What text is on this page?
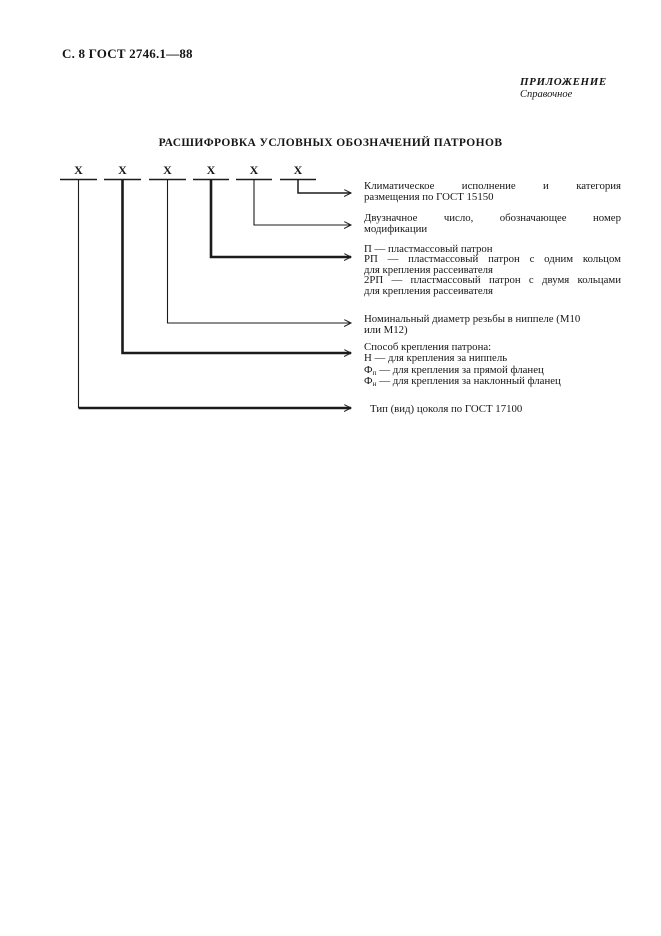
С. 8 ГОСТ 2746.1—88
ПРИЛОЖЕНИЕ
Справочное
РАСШИФРОВКА УСЛОВНЫХ ОБОЗНАЧЕНИЙ ПАТРОНОВ
X	X	X	X	X	X
Климатическое исполнение и категория
размещения по ГОСТ 15150
Двузначное число, обозначающее номер
модификации
П — пластмассовый патрон
РП — пластмассовый патрон с одним кольцом
для крепления рассеивателя
2РП — пластмассовый патрон с двумя кольцами
для крепления рассеивателя
Номинальный диаметр резьбы в ниппеле (М10
или М12)
Способ крепления патрона:
Н — для крепления за ниппель
Фп — для крепления за прямой фланец
Фн — для крепления за наклонный фланец
Тип (вид) цоколя по ГОСТ 17100
